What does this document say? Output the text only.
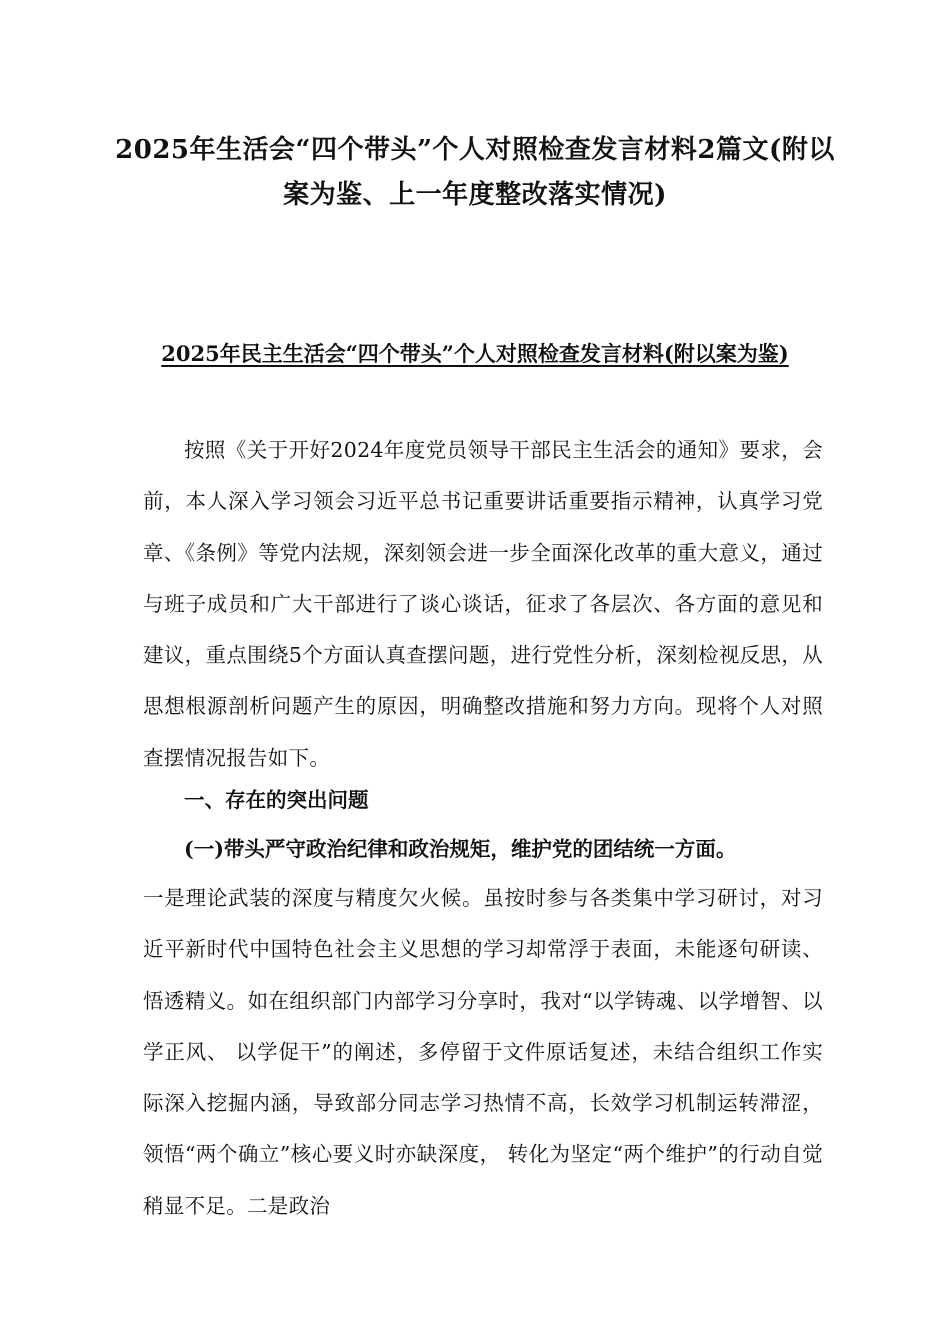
2025年生活会“四个带头”个人对照检查发言材料2篇文(附以案为鉴、上一年度整改落实情况)
2025年民主生活会“四个带头”个人对照检查发言材料(附以案为鉴)

按照《关于开好2024年度党员领导干部民主生活会的通知》要求，会前，本人深入学习领会习近平总书记重要讲话重要指示精神，认真学习党章、《条例》等党内法规，深刻领会进一步全面深化改革的重大意义，通过与班子成员和广大干部进行了谈心谈话，征求了各层次、各方面的意见和建议，重点围绕5个方面认真查摆问题，进行党性分析，深刻检视反思，从思想根源剖析问题产生的原因，明确整改措施和努力方向。现将个人对照查摆情况报告如下。

一、存在的突出问题
(一)带头严守政治纪律和政治规矩，维护党的团结统一方面。

一是理论武装的深度与精度欠火候。虽按时参与各类集中学习研讨，对习近平新时代中国特色社会主义思想的学习却常浮于表面，未能逐句研读、悟透精义。如在组织部门内部学习分享时，我对“以学铸魂、以学增智、以学正风、 以学促干”的阐述，多停留于文件原话复述，未结合组织工作实际深入挖掘内涵，导致部分同志学习热情不高，长效学习机制运转滞涩，领悟“两个确立”核心要义时亦缺深度， 转化为坚定“两个维护”的行动自觉稍显不足。二是政治
